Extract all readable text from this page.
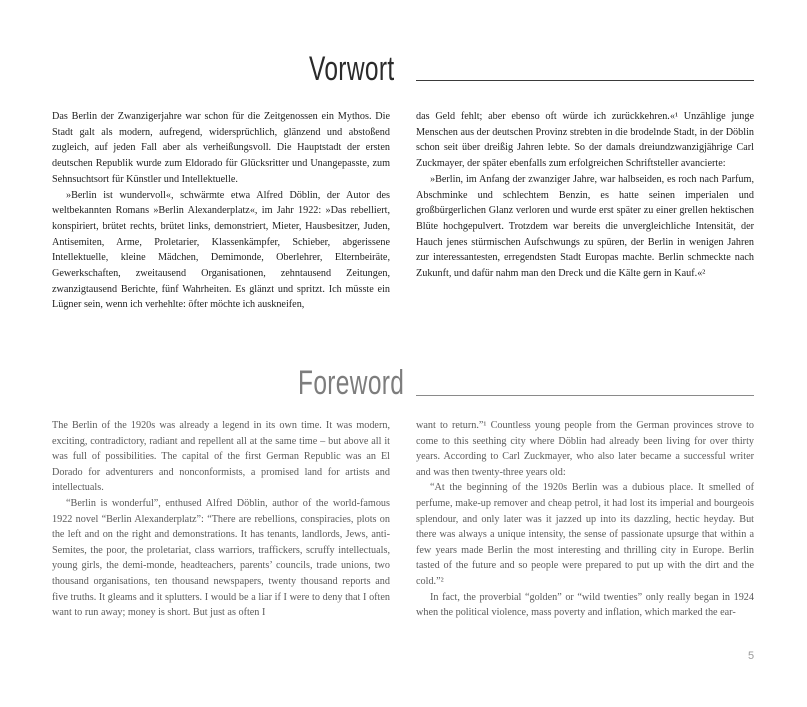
Vorwort

Das Berlin der Zwanzigerjahre war schon für die Zeitgenossen ein Mythos. Die Stadt galt als modern, aufregend, widersprüchlich, glänzend und abstoßend zugleich, auf jeden Fall aber als verheißungsvoll. Die Hauptstadt der ersten deutschen Republik wurde zum Eldorado für Glücksritter und Unangepasste, zum Sehnsuchtsort für Künstler und Intellektuelle.

»Berlin ist wundervoll«, schwärmte etwa Alfred Döblin, der Autor des weltbekannten Romans »Berlin Alexanderplatz«, im Jahr 1922: »Das rebelliert, konspiriert, brütet rechts, brütet links, demonstriert, Mieter, Hausbesitzer, Juden, Antisemiten, Arme, Proletarier, Klassenkämpfer, Schieber, abgerissene Intellektuelle, kleine Mädchen, Demimonde, Oberlehrer, Elternbeiräte, Gewerkschaften, zweitausend Organisationen, zehntausend Zeitungen, zwanzigtausend Berichte, fünf Wahrheiten. Es glänzt und spritzt. Ich müsste ein Lügner sein, wenn ich verhehlte: öfter möchte ich auskneifen,

das Geld fehlt; aber ebenso oft würde ich zurückkehren.«¹ Unzählige junge Menschen aus der deutschen Provinz strebten in die brodelnde Stadt, in der Döblin schon seit über dreißig Jahren lebte. So der damals dreiundzwanzigjährige Carl Zuckmayer, der später ebenfalls zum erfolgreichen Schriftsteller avancierte:

»Berlin, im Anfang der zwanziger Jahre, war halbseiden, es roch nach Parfum, Abschminke und schlechtem Benzin, es hatte seinen imperialen und großbürgerlichen Glanz verloren und wurde erst später zu einer grellen hektischen Blüte hochgepulvert. Trotzdem war bereits die unvergleichliche Intensität, der Hauch jenes stürmischen Aufschwungs zu spüren, der Berlin in wenigen Jahren zur interessantesten, erregendsten Stadt Europas machte. Berlin schmeckte nach Zukunft, und dafür nahm man den Dreck und die Kälte gern in Kauf.«²

Foreword

The Berlin of the 1920s was already a legend in its own time. It was modern, exciting, contradictory, radiant and repellent all at the same time – but above all it was full of possibilities. The capital of the first German Republic was an El Dorado for adventurers and nonconformists, a promised land for artists and intellectuals.

“Berlin is wonderful”, enthused Alfred Döblin, author of the world-famous 1922 novel “Berlin Alexanderplatz”: “There are rebellions, conspiracies, plots on the left and on the right and demonstrations. It has tenants, landlords, Jews, anti-Semites, the poor, the proletariat, class warriors, traffickers, scruffy intellectuals, young girls, the demi-monde, headteachers, parents’ councils, trade unions, two thousand organisations, ten thousand newspapers, twenty thousand reports and five truths. It gleams and it splutters. I would be a liar if I were to deny that I often want to run away; money is short. But just as often I

want to return.”¹ Countless young people from the German provinces strove to come to this seething city where Döblin had already been living for over thirty years. According to Carl Zuckmayer, who also later became a successful writer and was then twenty-three years old:

“At the beginning of the 1920s Berlin was a dubious place. It smelled of perfume, make-up remover and cheap petrol, it had lost its imperial and bourgeois splendour, and only later was it jazzed up into its dazzling, hectic heyday. But there was always a unique intensity, the sense of passionate upsurge that within a few years made Berlin the most interesting and thrilling city in Europe. Berlin tasted of the future and so people were prepared to put up with the dirt and the cold.”²

In fact, the proverbial “golden” or “wild twenties” only really began in 1924 when the political violence, mass poverty and inflation, which marked the ear-

5
